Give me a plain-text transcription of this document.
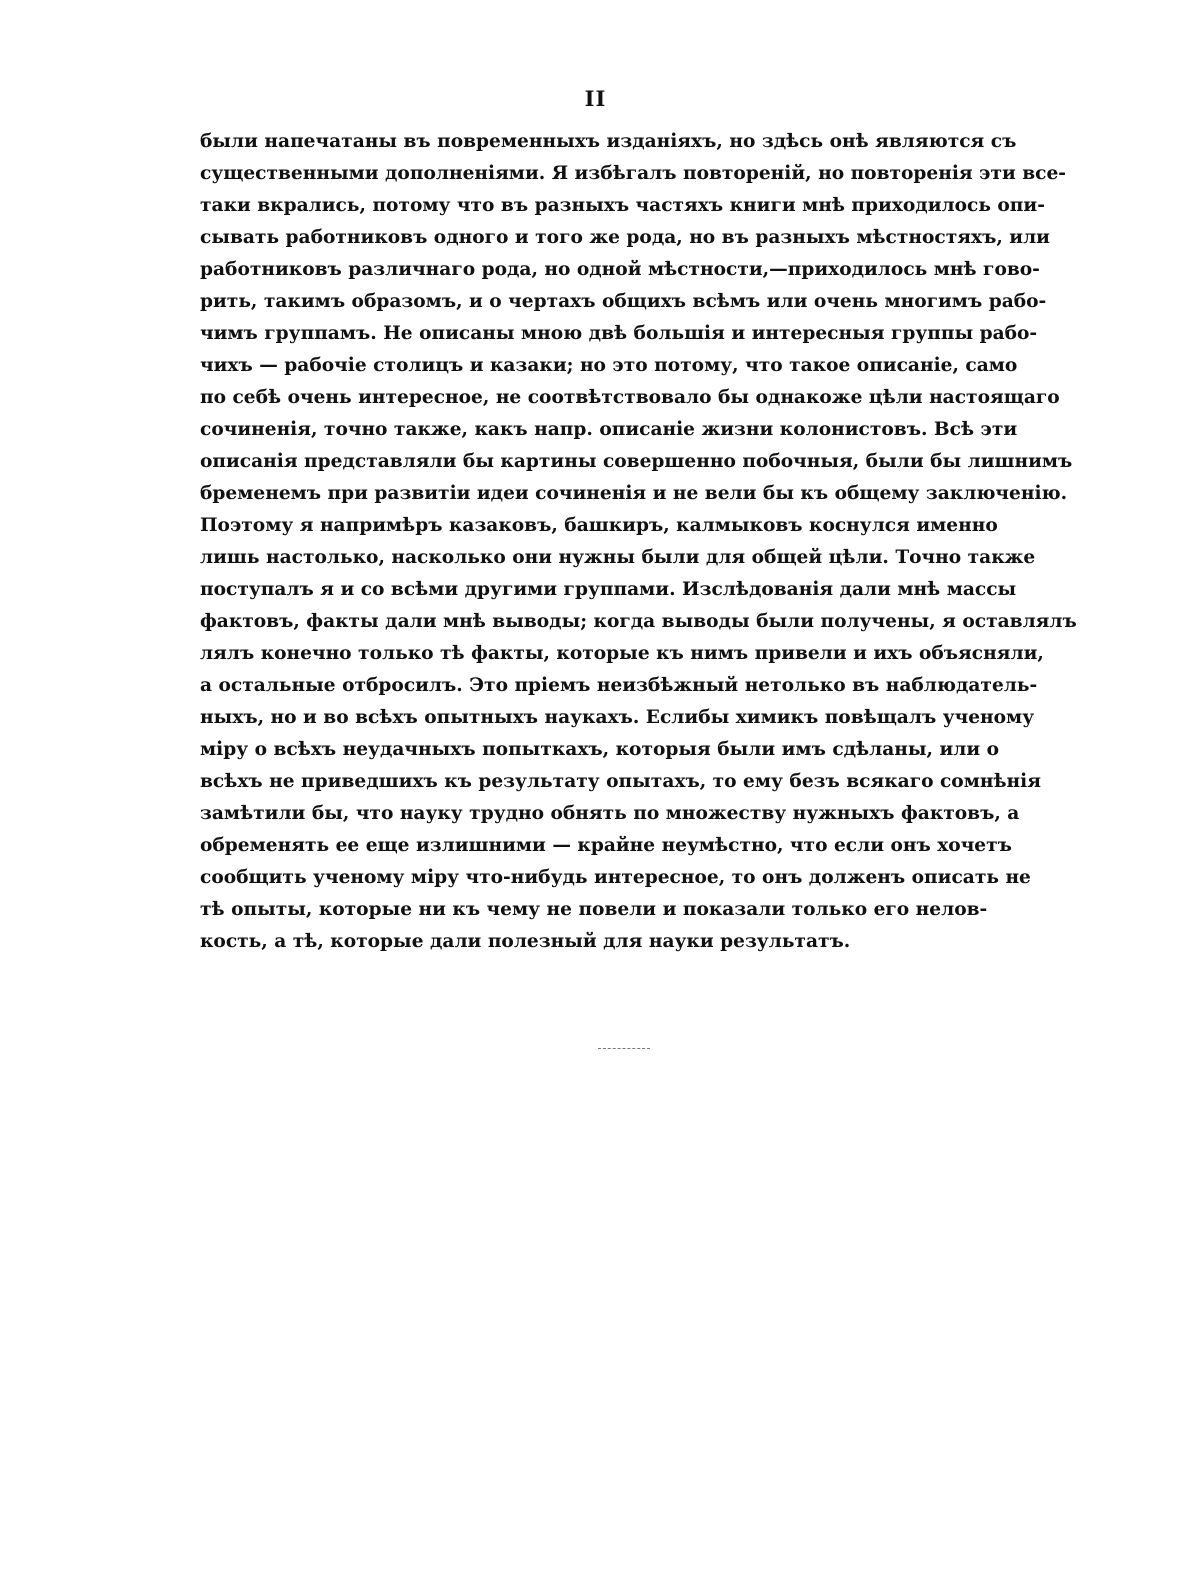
II
были напечатаны въ повременныхъ изданіяхъ, но здѣсь онѣ являются съ
существенными дополненіями. Я избѣгалъ повтореній, но повторенія эти все-
таки вкрались, потому что въ разныхъ частяхъ книги мнѣ приходилось опи-
сывать работниковъ одного и того же рода, но въ разныхъ мѣстностяхъ, или
работниковъ различнаго рода, но одной мѣстности,—приходилось мнѣ гово-
рить, такимъ образомъ, и о чертахъ общихъ всѣмъ или очень многимъ рабо-
чимъ группамъ. Не описаны мною двѣ большія и интересныя группы рабо-
чихъ — рабочіе столицъ и казаки; но это потому, что такое описаніе, само
по себѣ очень интересное, не соотвѣтствовало бы однакоже цѣли настоящаго
сочиненія, точно также, какъ напр. описаніе жизни колонистовъ. Всѣ эти
описанія представляли бы картины совершенно побочныя, были бы лишнимъ
бременемъ при развитіи идеи сочиненія и не вели бы къ общему заключенію.
Поэтому я напримѣръ казаковъ, башкиръ, калмыковъ коснулся именно
лишь настолько, насколько они нужны были для общей цѣли. Точно также
поступалъ я и со всѣми другими группами. Изслѣдованія дали мнѣ массы
фактовъ, факты дали мнѣ выводы; когда выводы были получены, я оставлялъ
лялъ конечно только тѣ факты, которые къ нимъ привели и ихъ объясняли,
а остальные отбросилъ. Это пріемъ неизбѣжный нетолько въ наблюдатель-
ныхъ, но и во всѣхъ опытныхъ наукахъ. Еслибы химикъ повѣщалъ ученому
міру о всѣхъ неудачныхъ попыткахъ, которыя были имъ сдѣланы, или о
всѣхъ не приведшихъ къ результату опытахъ, то ему безъ всякаго сомнѣнія
замѣтили бы, что науку трудно обнять по множеству нужныхъ фактовъ, а
обременять ее еще излишними — крайне неумѣстно, что если онъ хочетъ
сообщить ученому міру что-нибудь интересное, то онъ долженъ описать не
тѣ опыты, которые ни къ чему не повели и показали только его нелов-
кость, а тѣ, которые дали полезный для науки результатъ.
